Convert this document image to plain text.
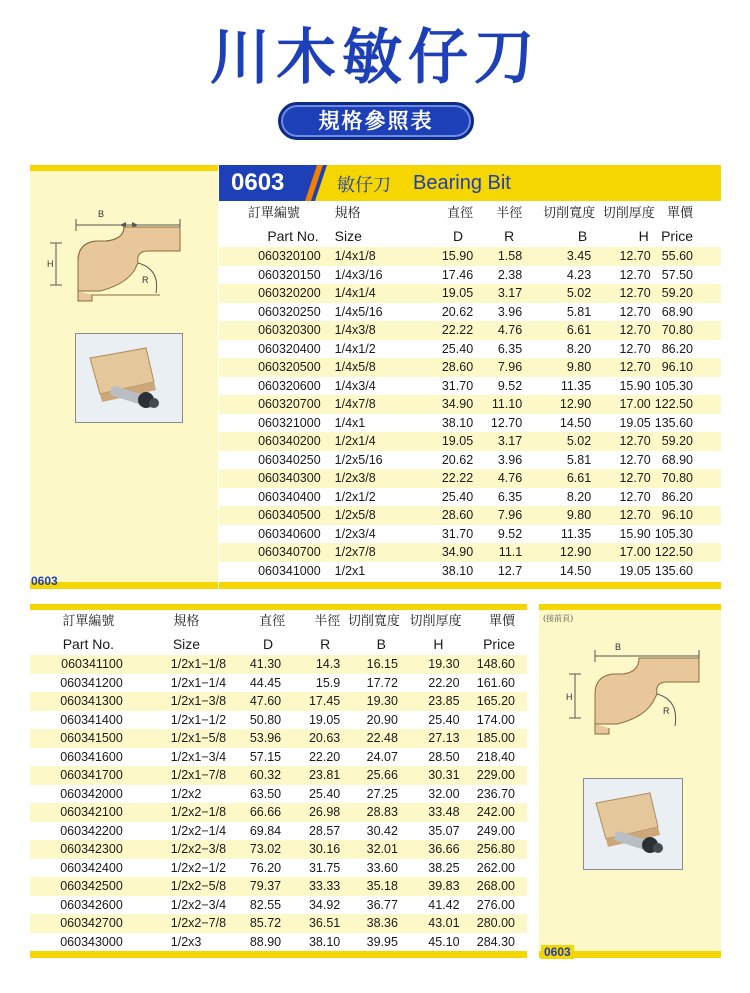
川木敏仔刀
規格參照表
B
H
R
0603
0603	敏仔刀 Bearing Bit
訂單編號	規格	直徑	半徑	切削寬度	切削厚度	單價
Part No.	Size	D	R	B	H	Price
060320100	1/4x1/8	15.90	1.58	3.45	12.70	55.60
060320150	1/4x3/16	17.46	2.38	4.23	12.70	57.50
060320200	1/4x1/4	19.05	3.17	5.02	12.70	59.20
060320250	1/4x5/16	20.62	3.96	5.81	12.70	68.90
060320300	1/4x3/8	22.22	4.76	6.61	12.70	70.80
060320400	1/4x1/2	25.40	6.35	8.20	12.70	86.20
060320500	1/4x5/8	28.60	7.96	9.80	12.70	96.10
060320600	1/4x3/4	31.70	9.52	11.35	15.90	105.30
060320700	1/4x7/8	34.90	11.10	12.90	17.00	122.50
060321000	1/4x1	38.10	12.70	14.50	19.05	135.60
060340200	1/2x1/4	19.05	3.17	5.02	12.70	59.20
060340250	1/2x5/16	20.62	3.96	5.81	12.70	68.90
060340300	1/2x3/8	22.22	4.76	6.61	12.70	70.80
060340400	1/2x1/2	25.40	6.35	8.20	12.70	86.20
060340500	1/2x5/8	28.60	7.96	9.80	12.70	96.10
060340600	1/2x3/4	31.70	9.52	11.35	15.90	105.30
060340700	1/2x7/8	34.90	11.1	12.90	17.00	122.50
060341000	1/2x1	38.10	12.7	14.50	19.05	135.60
訂單編號	規格	直徑	半徑	切削寬度	切削厚度	單價
Part No.	Size	D	R	B	H	Price
060341100	1/2x1−1/8	41.30	14.3	16.15	19.30	148.60
060341200	1/2x1−1/4	44.45	15.9	17.72	22.20	161.60
060341300	1/2x1−3/8	47.60	17.45	19.30	23.85	165.20
060341400	1/2x1−1/2	50.80	19.05	20.90	25.40	174.00
060341500	1/2x1−5/8	53.96	20.63	22.48	27.13	185.00
060341600	1/2x1−3/4	57.15	22.20	24.07	28.50	218.40
060341700	1/2x1−7/8	60.32	23.81	25.66	30.31	229.00
060342000	1/2x2	63.50	25.40	27.25	32.00	236.70
060342100	1/2x2−1/8	66.66	26.98	28.83	33.48	242.00
060342200	1/2x2−1/4	69.84	28.57	30.42	35.07	249.00
060342300	1/2x2−3/8	73.02	30.16	32.01	36.66	256.80
060342400	1/2x2−1/2	76.20	31.75	33.60	38.25	262.00
060342500	1/2x2−5/8	79.37	33.33	35.18	39.83	268.00
060342600	1/2x2−3/4	82.55	34.92	36.77	41.42	276.00
060342700	1/2x2−7/8	85.72	36.51	38.36	43.01	280.00
060343000	1/2x3	88.90	38.10	39.95	45.10	284.30
B
H
R
(接前頁)
0603
